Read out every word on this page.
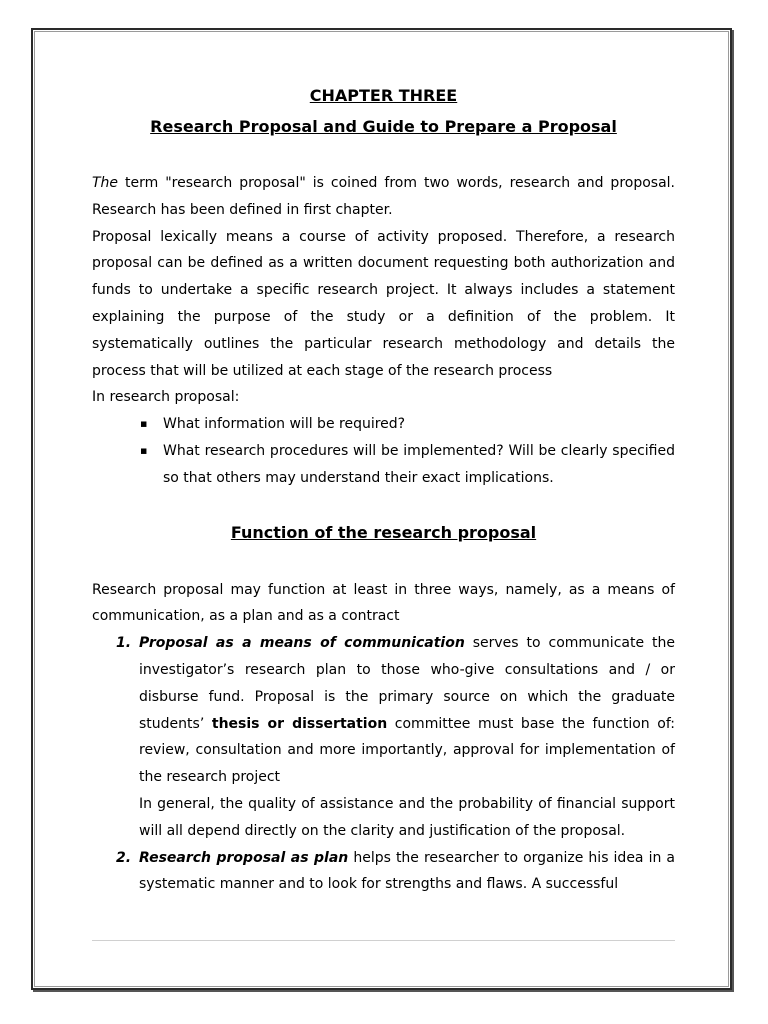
CHAPTER THREE
Research Proposal and Guide to Prepare a Proposal

The term "research proposal" is coined from two words, research and proposal. Research has been defined in first chapter.

Proposal lexically means a course of activity proposed. Therefore, a research proposal can be defined as a written document requesting both authorization and funds to undertake a specific research project. It always includes a statement explaining the purpose of the study or a definition of the problem. It systematically outlines the particular research methodology and details the process that will be utilized at each stage of the research process

In research proposal:

▪ What information will be required?
▪ What research procedures will be implemented? Will be clearly specified so that others may understand their exact implications.
Function of the research proposal

Research proposal may function at least in three ways, namely, as a means of communication, as a plan and as a contract

1. Proposal as a means of communication serves to communicate the investigator’s research plan to those who-give consultations and / or disburse fund. Proposal is the primary source on which the graduate students’ thesis or dissertation committee must base the function of: review, consultation and more importantly, approval for implementation of the research project
In general, the quality of assistance and the probability of financial support will all depend directly on the clarity and justification of the proposal.
2. Research proposal as plan helps the researcher to organize his idea in a systematic manner and to look for strengths and flaws. A successful
